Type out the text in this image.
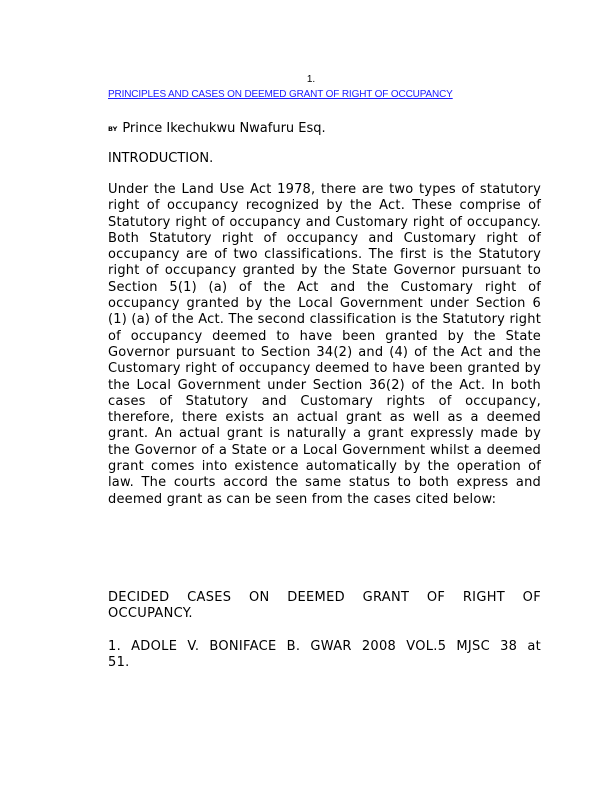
1.
PRINCIPLES AND CASES ON DEEMED GRANT OF RIGHT OF OCCUPANCY
BY Prince Ikechukwu Nwafuru Esq.

INTRODUCTION.

Under the Land Use Act 1978, there are two types of statutory right of occupancy recognized by the Act. These comprise of Statutory right of occupancy and Customary right of occupancy. Both Statutory right of occupancy and Customary right of occupancy are of two classifications. The first is the Statutory right of occupancy granted by the State Governor pursuant to Section 5(1) (a) of the Act and the Customary right of occupancy granted by the Local Government under Section 6 (1) (a) of the Act. The second classification is the Statutory right of occupancy deemed to have been granted by the State Governor pursuant to Section 34(2) and (4) of the Act and the Customary right of occupancy deemed to have been granted by the Local Government under Section 36(2) of the Act. In both cases of Statutory and Customary rights of occupancy, therefore, there exists an actual grant as well as a deemed grant. An actual grant is naturally a grant expressly made by the Governor of a State or a Local Government whilst a deemed grant comes into existence automatically by the operation of law. The courts accord the same status to both express and deemed grant as can be seen from the cases cited below:

DECIDED CASES ON DEEMED GRANT OF RIGHT OF OCCUPANCY.

1. ADOLE V. BONIFACE B. GWAR 2008 VOL.5 MJSC 38 at 51.
